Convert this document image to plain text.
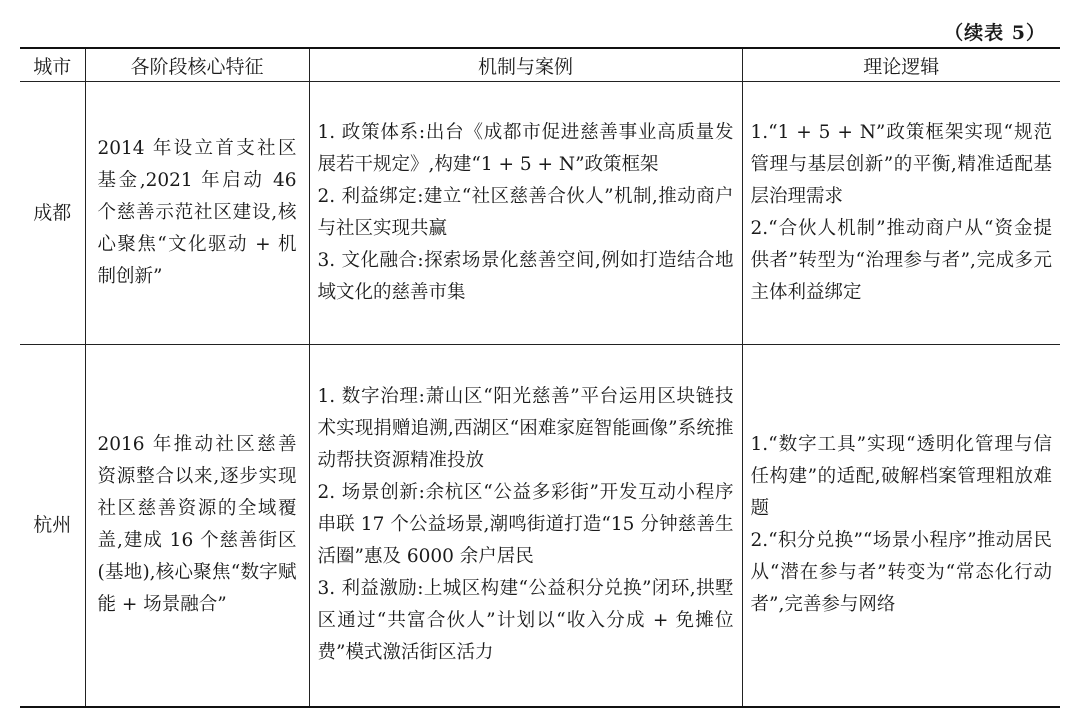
（续表 5）
城市	各阶段核心特征	机制与案例	理论逻辑
成都	2014 年设立首支社区基金,2021 年启动 46 个慈善示范社区建设,核心聚焦“文化驱动 + 机制创新”	1. 政策体系:出台《成都市促进慈善事业高质量发展若干规定》,构建“1 + 5 + N”政策框架
2. 利益绑定:建立“社区慈善合伙人”机制,推动商户与社区实现共赢
3. 文化融合:探索场景化慈善空间,例如打造结合地域文化的慈善市集	1.“1 + 5 + N”政策框架实现“规范管理与基层创新”的平衡,精准适配基层治理需求
2.“合伙人机制”推动商户从“资金提供者”转型为“治理参与者”,完成多元主体利益绑定

杭州	2016 年推动社区慈善资源整合以来,逐步实现社区慈善资源的全域覆盖,建成 16 个慈善街区(基地),核心聚焦“数字赋能 + 场景融合”	1. 数字治理:萧山区“阳光慈善”平台运用区块链技术实现捐赠追溯,西湖区“困难家庭智能画像”系统推动帮扶资源精准投放
2. 场景创新:余杭区“公益多彩街”开发互动小程序串联 17 个公益场景,潮鸣街道打造“15 分钟慈善生活圈”惠及 6000 余户居民
3. 利益激励:上城区构建“公益积分兑换”闭环,拱墅区通过“共富合伙人”计划以“收入分成 + 免摊位费”模式激活街区活力	1.“数字工具”实现“透明化管理与信任构建”的适配,破解档案管理粗放难题
2.“积分兑换”“场景小程序”推动居民从“潜在参与者”转变为“常态化行动者”,完善参与网络
